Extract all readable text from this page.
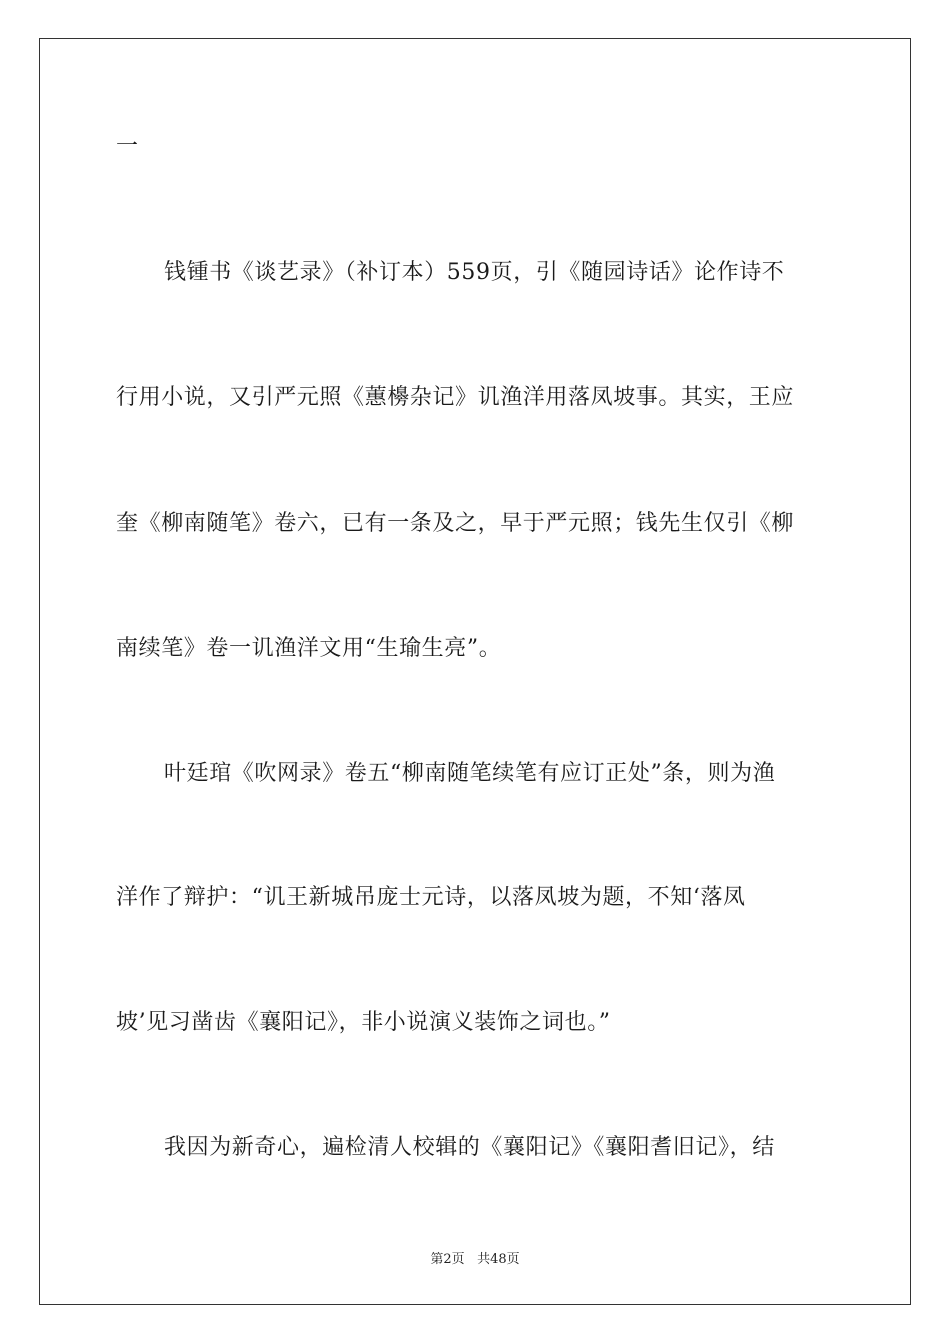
一
钱锺书《谈艺录》（补订本）559页，引《随园诗话》论作诗不
行用小说，又引严元照《蕙櫋杂记》讥渔洋用落凤坡事。其实，王应
奎《柳南随笔》卷六，已有一条及之，早于严元照；钱先生仅引《柳
南续笔》卷一讥渔洋文用“生瑜生亮”。
叶廷琯《吹网录》卷五“柳南随笔续笔有应订正处”条，则为渔
洋作了辩护：“讥王新城吊庞士元诗，以落凤坡为题，不知‘落凤
坡’见习凿齿《襄阳记》，非小说演义装饰之词也。”
我因为新奇心，遍检清人校辑的《襄阳记》《襄阳耆旧记》，结
第2页 共48页
